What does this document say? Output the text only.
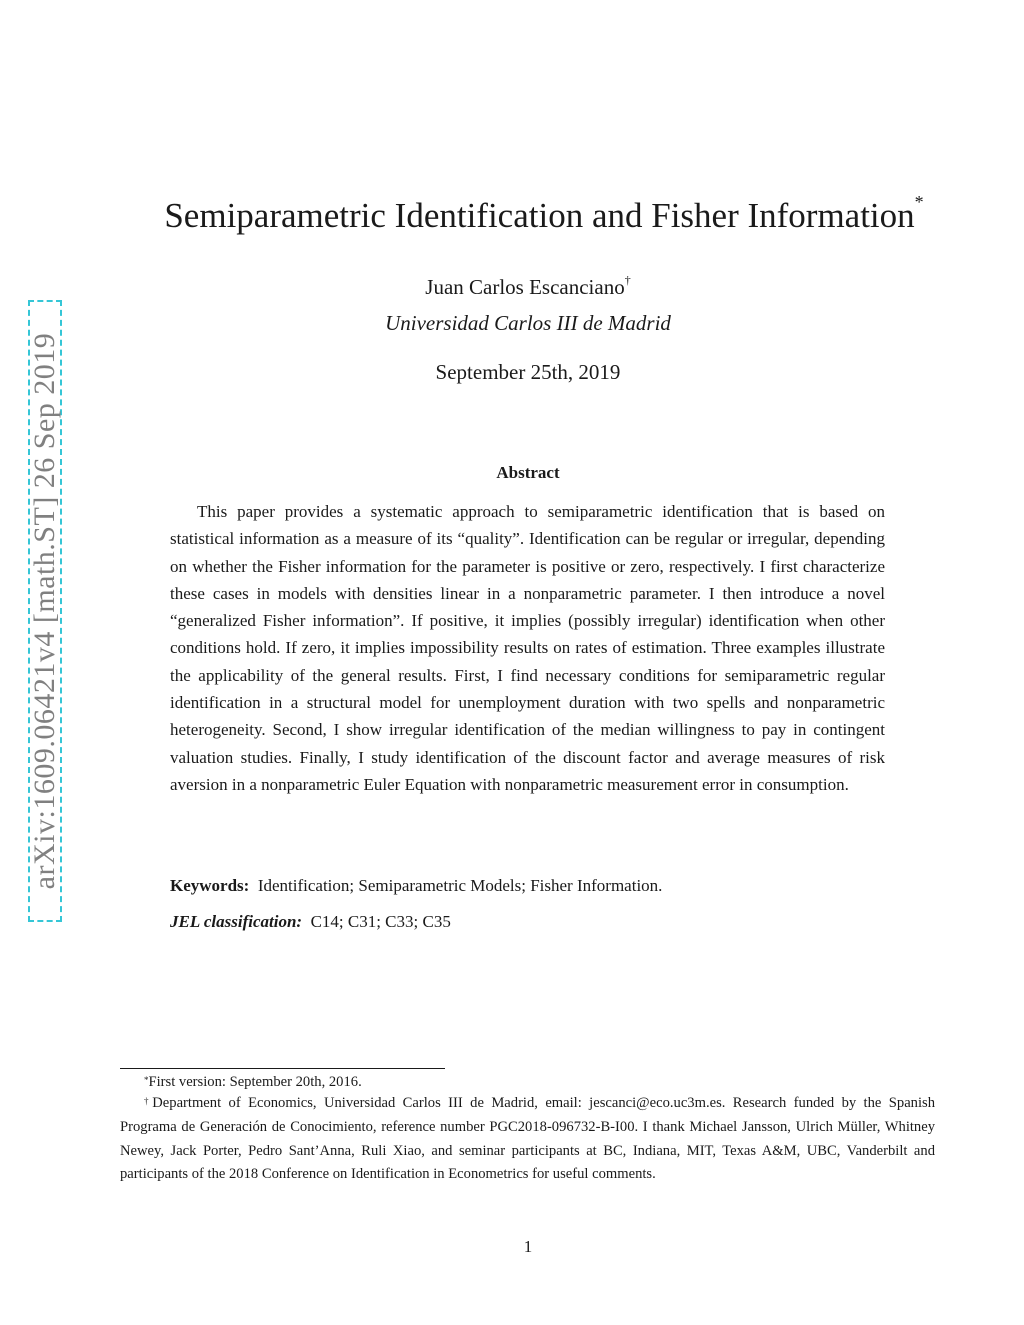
arXiv:1609.06421v4 [math.ST] 26 Sep 2019
Semiparametric Identification and Fisher Information*
Juan Carlos Escanciano†
Universidad Carlos III de Madrid
September 25th, 2019
Abstract

This paper provides a systematic approach to semiparametric identification that is based on statistical information as a measure of its “quality”. Identification can be regular or irregular, depending on whether the Fisher information for the parameter is positive or zero, respectively. I first characterize these cases in models with densities linear in a nonparametric parameter. I then introduce a novel “generalized Fisher information”. If positive, it implies (possibly irregular) identification when other conditions hold. If zero, it implies impossibility results on rates of estimation. Three examples illustrate the applicability of the general results. First, I find necessary conditions for semiparametric regular identification in a structural model for unemployment duration with two spells and nonparametric heterogeneity. Second, I show irregular identification of the median willingness to pay in contingent valuation studies. Finally, I study identification of the discount factor and average measures of risk aversion in a nonparametric Euler Equation with nonparametric measurement error in consumption.

Keywords: Identification; Semiparametric Models; Fisher Information.
JEL classification: C14; C31; C33; C35

*First version: September 20th, 2016.

†Department of Economics, Universidad Carlos III de Madrid, email: jescanci@eco.uc3m.es. Research funded by the Spanish Programa de Generación de Conocimiento, reference number PGC2018-096732-B-I00. I thank Michael Jansson, Ulrich Müller, Whitney Newey, Jack Porter, Pedro Sant’Anna, Ruli Xiao, and seminar participants at BC, Indiana, MIT, Texas A&M, UBC, Vanderbilt and participants of the 2018 Conference on Identification in Econometrics for useful comments.

1
